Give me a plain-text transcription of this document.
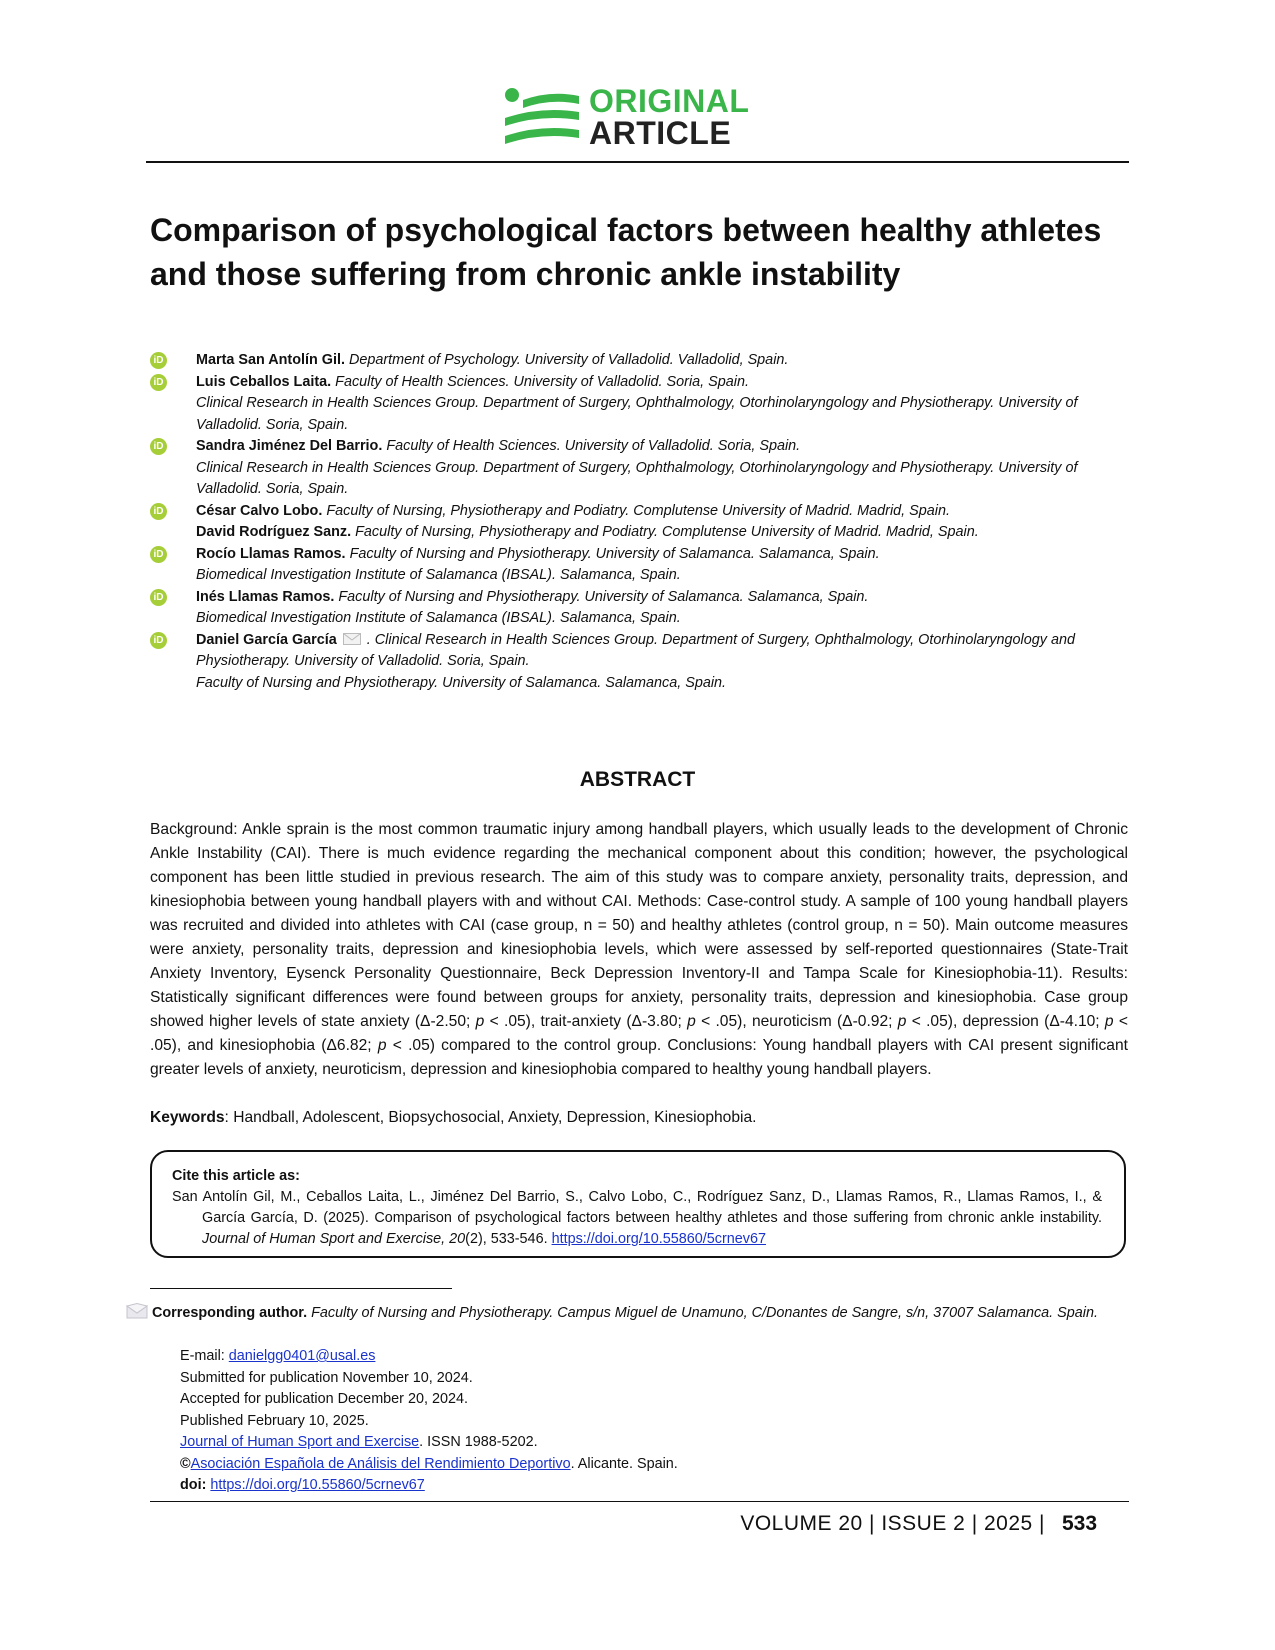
ORIGINAL
ARTICLE
Comparison of psychological factors between healthy athletes and those suffering from chronic ankle instability
iD Marta San Antolín Gil. Department of Psychology. University of Valladolid. Valladolid, Spain.
iD Luis Ceballos Laita. Faculty of Health Sciences. University of Valladolid. Soria, Spain.
Clinical Research in Health Sciences Group. Department of Surgery, Ophthalmology, Otorhinolaryngology and Physiotherapy. University of Valladolid. Soria, Spain.
iD Sandra Jiménez Del Barrio. Faculty of Health Sciences. University of Valladolid. Soria, Spain.
Clinical Research in Health Sciences Group. Department of Surgery, Ophthalmology, Otorhinolaryngology and Physiotherapy. University of Valladolid. Soria, Spain.
iD César Calvo Lobo. Faculty of Nursing, Physiotherapy and Podiatry. Complutense University of Madrid. Madrid, Spain.
David Rodríguez Sanz. Faculty of Nursing, Physiotherapy and Podiatry. Complutense University of Madrid. Madrid, Spain.
iD Rocío Llamas Ramos. Faculty of Nursing and Physiotherapy. University of Salamanca. Salamanca, Spain.
Biomedical Investigation Institute of Salamanca (IBSAL). Salamanca, Spain.
iD Inés Llamas Ramos. Faculty of Nursing and Physiotherapy. University of Salamanca. Salamanca, Spain.
Biomedical Investigation Institute of Salamanca (IBSAL). Salamanca, Spain.
iD Daniel García García . Clinical Research in Health Sciences Group. Department of Surgery, Ophthalmology, Otorhinolaryngology and Physiotherapy. University of Valladolid. Soria, Spain.
Faculty of Nursing and Physiotherapy. University of Salamanca. Salamanca, Spain.
ABSTRACT

Background: Ankle sprain is the most common traumatic injury among handball players, which usually leads to the development of Chronic Ankle Instability (CAI). There is much evidence regarding the mechanical component about this condition; however, the psychological component has been little studied in previous research. The aim of this study was to compare anxiety, personality traits, depression, and kinesiophobia between young handball players with and without CAI. Methods: Case-control study. A sample of 100 young handball players was recruited and divided into athletes with CAI (case group, n = 50) and healthy athletes (control group, n = 50). Main outcome measures were anxiety, personality traits, depression and kinesiophobia levels, which were assessed by self-reported questionnaires (State-Trait Anxiety Inventory, Eysenck Personality Questionnaire, Beck Depression Inventory-II and Tampa Scale for Kinesiophobia-11). Results: Statistically significant differences were found between groups for anxiety, personality traits, depression and kinesiophobia. Case group showed higher levels of state anxiety (Δ-2.50; p < .05), trait-anxiety (Δ-3.80; p < .05), neuroticism (Δ-0.92; p < .05), depression (Δ-4.10; p < .05), and kinesiophobia (Δ6.82; p < .05) compared to the control group. Conclusions: Young handball players with CAI present significant greater levels of anxiety, neuroticism, depression and kinesiophobia compared to healthy young handball players.

Keywords: Handball, Adolescent, Biopsychosocial, Anxiety, Depression, Kinesiophobia.

Cite this article as:
San Antolín Gil, M., Ceballos Laita, L., Jiménez Del Barrio, S., Calvo Lobo, C., Rodríguez Sanz, D., Llamas Ramos, R., Llamas Ramos, I., & García García, D. (2025). Comparison of psychological factors between healthy athletes and those suffering from chronic ankle instability. Journal of Human Sport and Exercise, 20(2), 533-546. https://doi.org/10.55860/5crnev67
Corresponding author. Faculty of Nursing and Physiotherapy. Campus Miguel de Unamuno, C/Donantes de Sangre, s/n, 37007 Salamanca. Spain.
E-mail: danielgg0401@usal.es
Submitted for publication November 10, 2024.
Accepted for publication December 20, 2024.
Published February 10, 2025.
Journal of Human Sport and Exercise. ISSN 1988-5202.
©Asociación Española de Análisis del Rendimiento Deportivo. Alicante. Spain.
doi: https://doi.org/10.55860/5crnev67
VOLUME 20 | ISSUE 2 | 2025 | 533
